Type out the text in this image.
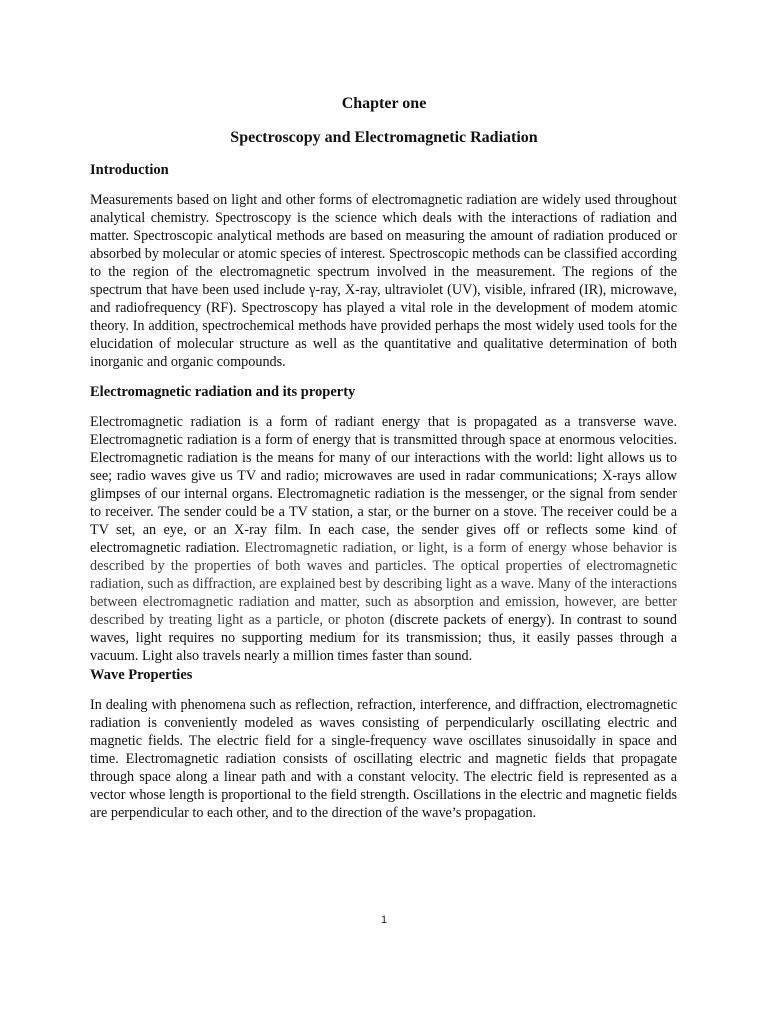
Chapter one
Spectroscopy and Electromagnetic Radiation
Introduction

Measurements based on light and other forms of electromagnetic radiation are widely used throughout analytical chemistry. Spectroscopy is the science which deals with the interactions of radiation and matter. Spectroscopic analytical methods are based on measuring the amount of radiation produced or absorbed by molecular or atomic species of interest. Spectroscopic methods can be classified according to the region of the electromagnetic spectrum involved in the measurement. The regions of the spectrum that have been used include γ-ray, X-ray, ultraviolet (UV), visible, infrared (IR), microwave, and radiofrequency (RF). Spectroscopy has played a vital role in the development of modem atomic theory. In addition, spectrochemical methods have provided perhaps the most widely used tools for the elucidation of molecular structure as well as the quantitative and qualitative determination of both inorganic and organic compounds.

Electromagnetic radiation and its property

Electromagnetic radiation is a form of radiant energy that is propagated as a transverse wave. Electromagnetic radiation is a form of energy that is transmitted through space at enormous velocities. Electromagnetic radiation is the means for many of our interactions with the world: light allows us to see; radio waves give us TV and radio; microwaves are used in radar communications; X-rays allow glimpses of our internal organs. Electromagnetic radiation is the messenger, or the signal from sender to receiver. The sender could be a TV station, a star, or the burner on a stove. The receiver could be a TV set, an eye, or an X-ray film. In each case, the sender gives off or reflects some kind of electromagnetic radiation. Electromagnetic radiation, or light, is a form of energy whose behavior is described by the properties of both waves and particles. The optical properties of electromagnetic radiation, such as diffraction, are explained best by describing light as a wave. Many of the interactions between electromagnetic radiation and matter, such as absorption and emission, however, are better described by treating light as a particle, or photon (discrete packets of energy). In contrast to sound waves, light requires no supporting medium for its transmission; thus, it easily passes through a vacuum. Light also travels nearly a million times faster than sound.

Wave Properties

In dealing with phenomena such as reflection, refraction, interference, and diffraction, electromagnetic radiation is conveniently modeled as waves consisting of perpendicularly oscillating electric and magnetic fields. The electric field for a single-frequency wave oscillates sinusoidally in space and time. Electromagnetic radiation consists of oscillating electric and magnetic fields that propagate through space along a linear path and with a constant velocity. The electric field is represented as a vector whose length is proportional to the field strength. Oscillations in the electric and magnetic fields are perpendicular to each other, and to the direction of the wave’s propagation.

1
